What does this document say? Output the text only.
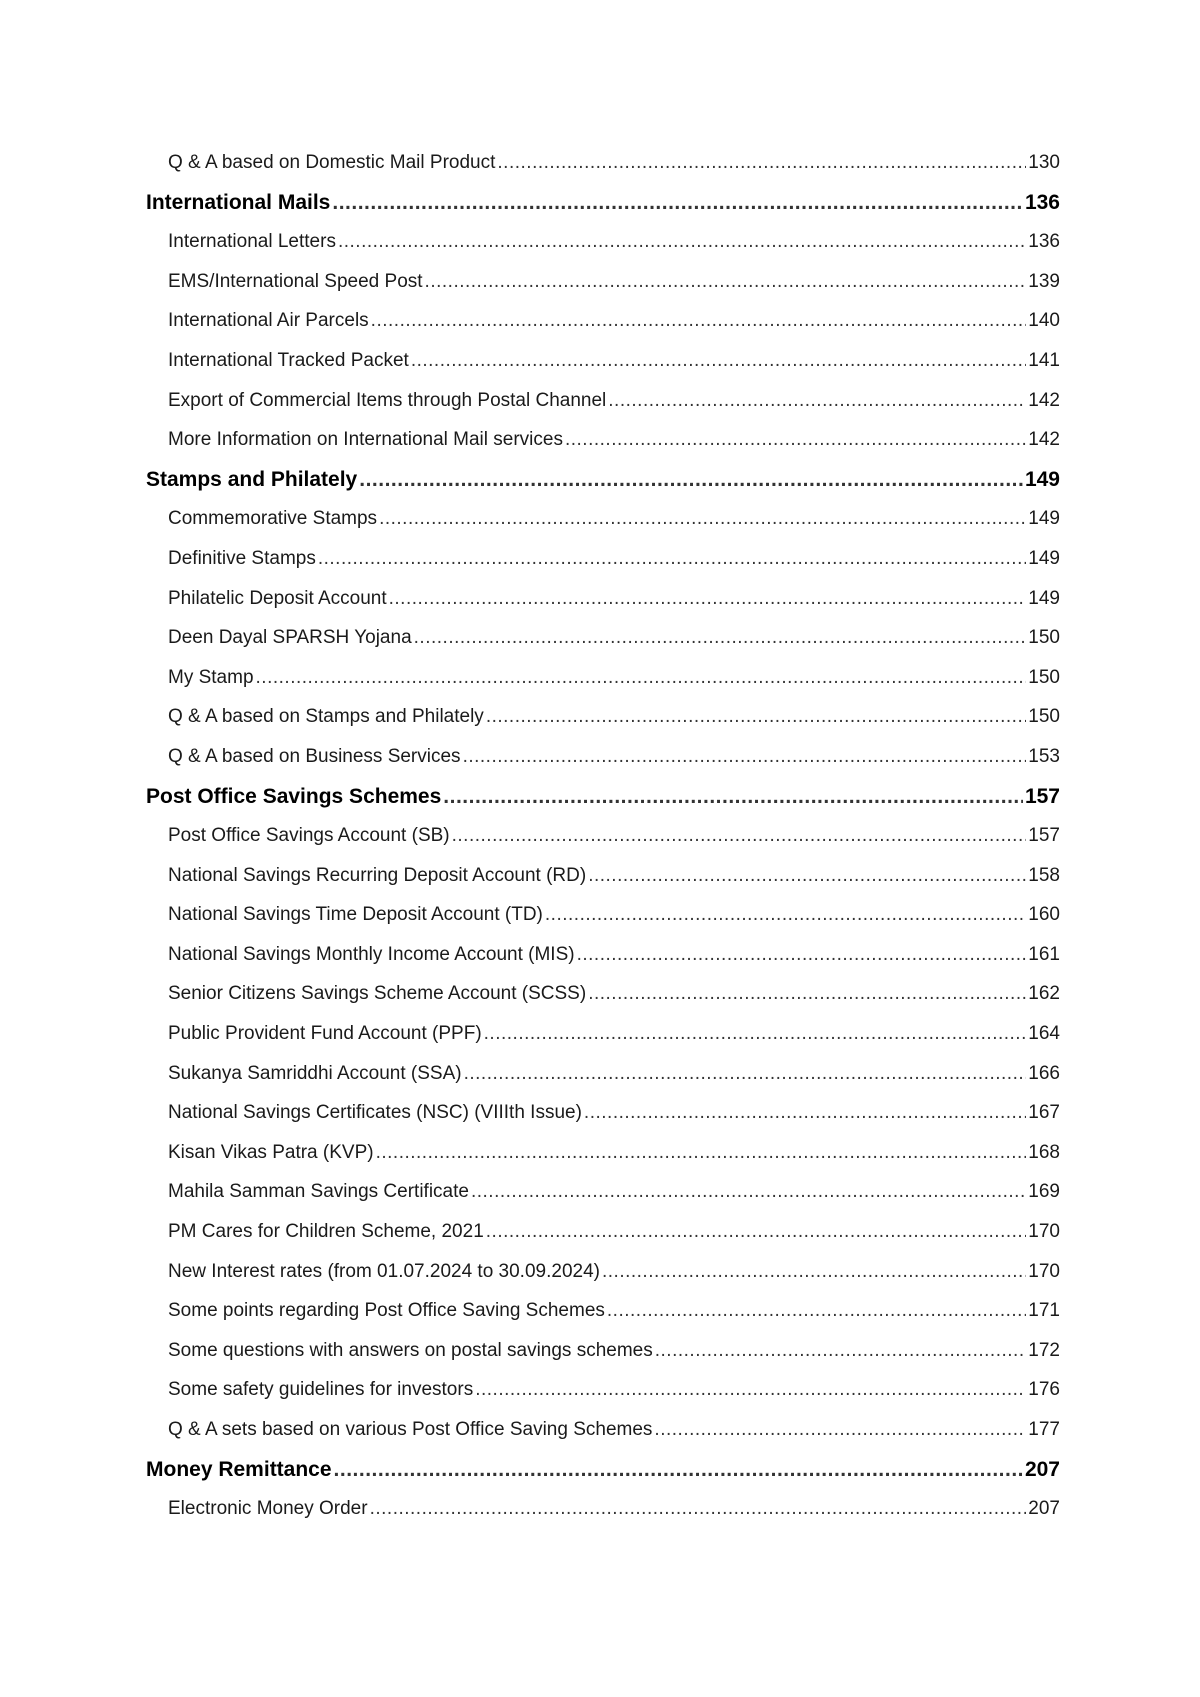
Q & A based on Domestic Mail Product .....	130
International Mails .....	136
International Letters .....	136
EMS/International Speed Post .....	139
International Air Parcels .....	140
International Tracked Packet .....	141
Export of Commercial Items through Postal Channel .....	142
More Information on International Mail services .....	142
Stamps and Philately .....	149
Commemorative Stamps .....	149
Definitive Stamps .....	149
Philatelic Deposit Account .....	149
Deen Dayal SPARSH Yojana .....	150
My Stamp .....	150
Q & A based on Stamps and Philately .....	150
Q & A based on Business Services .....	153
Post Office Savings Schemes .....	157
Post Office Savings Account (SB) .....	157
National Savings Recurring Deposit Account (RD) .....	158
National Savings Time Deposit Account (TD) .....	160
National Savings Monthly Income Account (MIS) .....	161
Senior Citizens Savings Scheme Account (SCSS) .....	162
Public Provident Fund Account (PPF) .....	164
Sukanya Samriddhi Account (SSA) .....	166
National Savings Certificates (NSC) (VIIIth Issue) .....	167
Kisan Vikas Patra (KVP) .....	168
Mahila Samman Savings Certificate .....	169
PM Cares for Children Scheme, 2021 .....	170
New Interest rates (from 01.07.2024 to 30.09.2024) .....	170
Some points regarding Post Office Saving Schemes .....	171
Some questions with answers on postal savings schemes .....	172
Some safety guidelines for investors .....	176
Q & A sets based on various Post Office Saving Schemes .....	177
Money Remittance .....	207
Electronic Money Order .....	207
